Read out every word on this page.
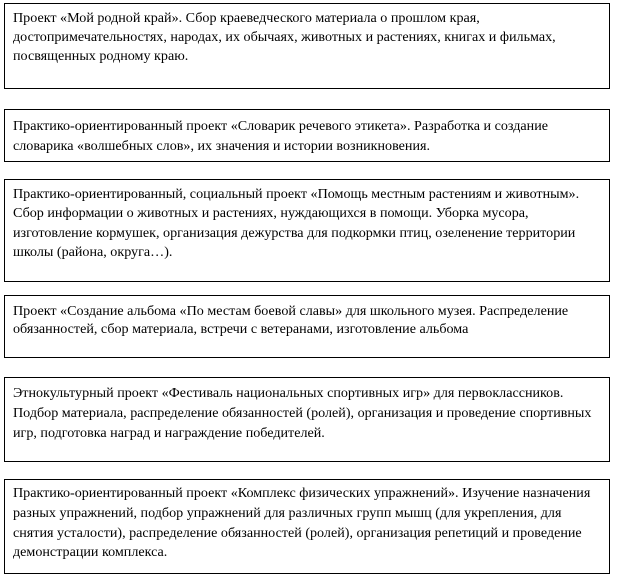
Проект «Мой родной край». Сбор краеведческого материала о прошлом края, достопримечательностях, народах, их обычаях, животных и растениях, книгах и фильмах, посвященных родному краю.

Практико-ориентированный проект «Словарик речевого этикета». Разработка и создание словарика «волшебных слов», их значения и истории возникновения.

Практико-ориентированный, социальный проект «Помощь местным растениям и животным». Сбор информации о животных и растениях, нуждающихся в помощи. Уборка мусора, изготовление кормушек, организация дежурства для подкормки птиц, озеленение территории школы (района, округа…).

Проект «Создание альбома «По местам боевой славы» для школьного музея. Распределение обязанностей, сбор материала, встречи с ветеранами, изготовление альбома

Этнокультурный проект «Фестиваль национальных спортивных игр» для первоклассников. Подбор материала, распределение обязанностей (ролей), организация и проведение спортивных игр, подготовка наград и награждение победителей.

Практико-ориентированный проект «Комплекс физических упражнений». Изучение назначения разных упражнений, подбор упражнений для различных групп мышц (для укрепления, для снятия усталости), распределение обязанностей (ролей), организация репетиций и проведение демонстрации комплекса.
